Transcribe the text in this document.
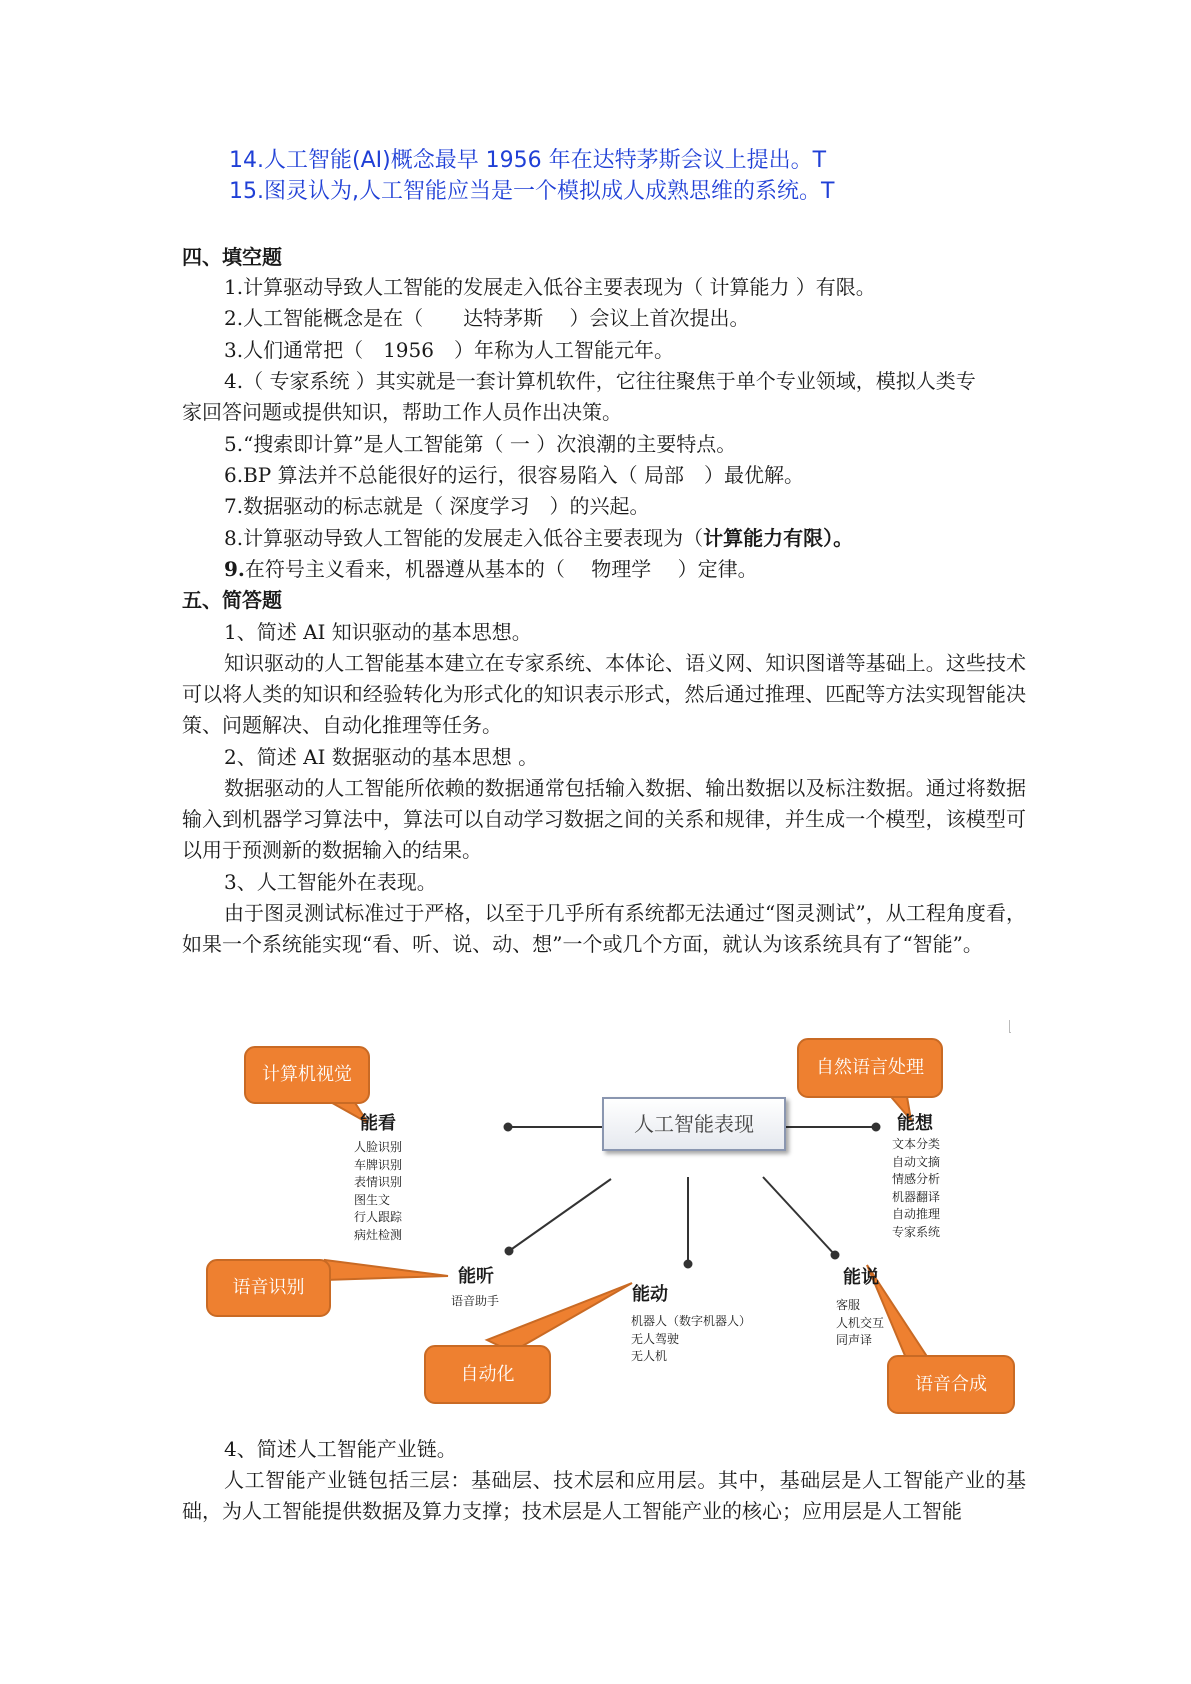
14.人工智能(AI)概念最早 1956 年在达特茅斯会议上提出。T
15.图灵认为,人工智能应当是一个模拟成人成熟思维的系统。T
四、填空题
1.计算驱动导致人工智能的发展走入低谷主要表现为（ 计算能力 ）有限。
2.人工智能概念是在（　　达特茅斯　 ）会议上首次提出。
3.人们通常把（　1956　）年称为人工智能元年。
4.（ 专家系统 ）其实就是一套计算机软件，它往往聚焦于单个专业领域，模拟人类专
家回答问题或提供知识，帮助工作人员作出决策。
5.“搜索即计算”是人工智能第（ 一 ）次浪潮的主要特点。
6.BP 算法并不总能很好的运行，很容易陷入（ 局部　）最优解。
7.数据驱动的标志就是（ 深度学习　）的兴起。
8.计算驱动导致人工智能的发展走入低谷主要表现为（计算能力有限）。
9.在符号主义看来，机器遵从基本的（　 物理学　 ）定律。
五、简答题
1、简述 AI 知识驱动的基本思想。
知识驱动的人工智能基本建立在专家系统、本体论、语义网、知识图谱等基础上。这些技术可以将人类的知识和经验转化为形式化的知识表示形式，然后通过推理、匹配等方法实现智能决策、问题解决、自动化推理等任务。
2、简述 AI 数据驱动的基本思想 。
数据驱动的人工智能所依赖的数据通常包括输入数据、输出数据以及标注数据。通过将数据输入到机器学习算法中，算法可以自动学习数据之间的关系和规律，并生成一个模型，该模型可以用于预测新的数据输入的结果。
3、人工智能外在表现。
由于图灵测试标准过于严格，以至于几乎所有系统都无法通过“图灵测试”，从工程角度看，如果一个系统能实现“看、听、说、动、想”一个或几个方面，就认为该系统具有了“智能”。
人工智能表现
能看
人脸识别
车牌识别
表情识别
图生文
行人跟踪
病灶检测
能想
文本分类
自动文摘
情感分析
机器翻译
自动推理
专家系统
能听
语音助手	能动
机器人（数字机器人）
无人驾驶
无人机
能说
客服
人机交互
同声译
计算机视觉	自然语言处理
语音识别
自动化	语音合成
4、简述人工智能产业链。
人工智能产业链包括三层：基础层、技术层和应用层。其中，基础层是人工智能产业的基础，为人工智能提供数据及算力支撑；技术层是人工智能产业的核心；应用层是人工智能
